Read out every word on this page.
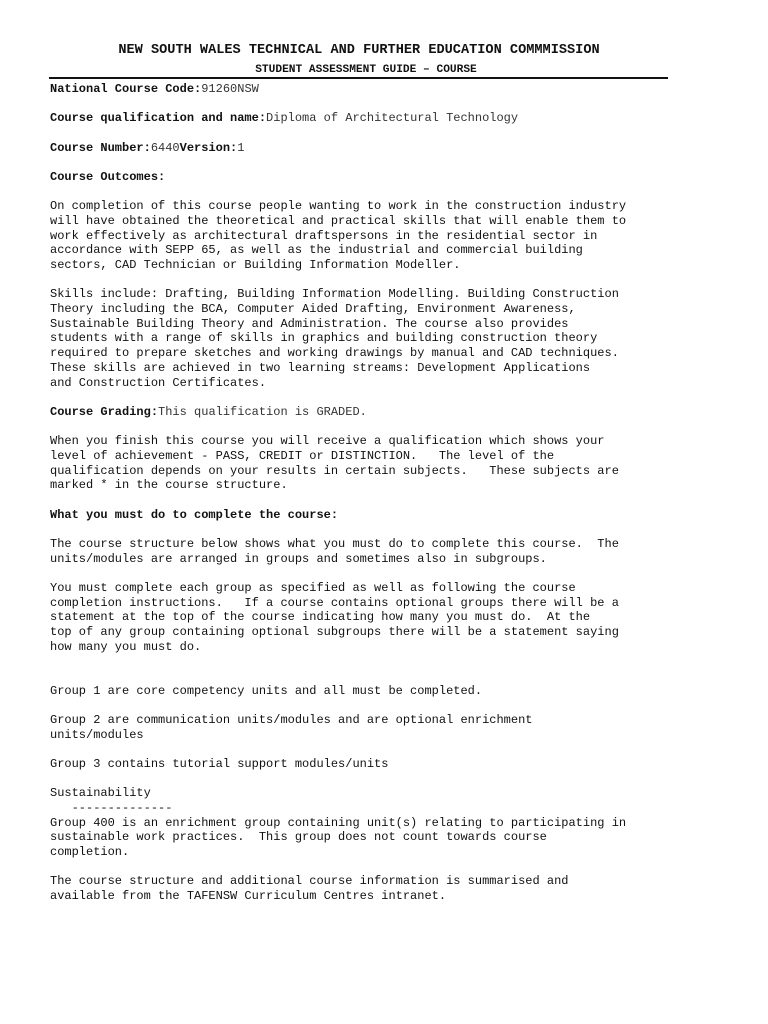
NEW SOUTH WALES TECHNICAL AND FURTHER EDUCATION COMMMISSION
STUDENT ASSESSMENT GUIDE – COURSE
National Course Code:91260NSW
Course qualification and name:Diploma of Architectural Technology
Course Number:6440Version:1
Course Outcomes:
On completion of this course people wanting to work in the construction industry
will have obtained the theoretical and practical skills that will enable them to
work effectively as architectural draftspersons in the residential sector in
accordance with SEPP 65, as well as the industrial and commercial building
sectors, CAD Technician or Building Information Modeller.
Skills include: Drafting, Building Information Modelling. Building Construction
Theory including the BCA, Computer Aided Drafting, Environment Awareness,
Sustainable Building Theory and Administration. The course also provides
students with a range of skills in graphics and building construction theory
required to prepare sketches and working drawings by manual and CAD techniques.
These skills are achieved in two learning streams: Development Applications
and Construction Certificates.
Course Grading:This qualification is GRADED.
When you finish this course you will receive a qualification which shows your
level of achievement - PASS, CREDIT or DISTINCTION.   The level of the
qualification depends on your results in certain subjects.   These subjects are
marked * in the course structure.
What you must do to complete the course:
The course structure below shows what you must do to complete this course.  The
units/modules are arranged in groups and sometimes also in subgroups.
You must complete each group as specified as well as following the course
completion instructions.   If a course contains optional groups there will be a
statement at the top of the course indicating how many you must do.  At the
top of any group containing optional subgroups there will be a statement saying
how many you must do.
Group 1 are core competency units and all must be completed.
Group 2 are communication units/modules and are optional enrichment
units/modules
Group 3 contains tutorial support modules/units
Sustainability
--------------
Group 400 is an enrichment group containing unit(s) relating to participating in
sustainable work practices.  This group does not count towards course
completion.
The course structure and additional course information is summarised and
available from the TAFENSW Curriculum Centres intranet.
